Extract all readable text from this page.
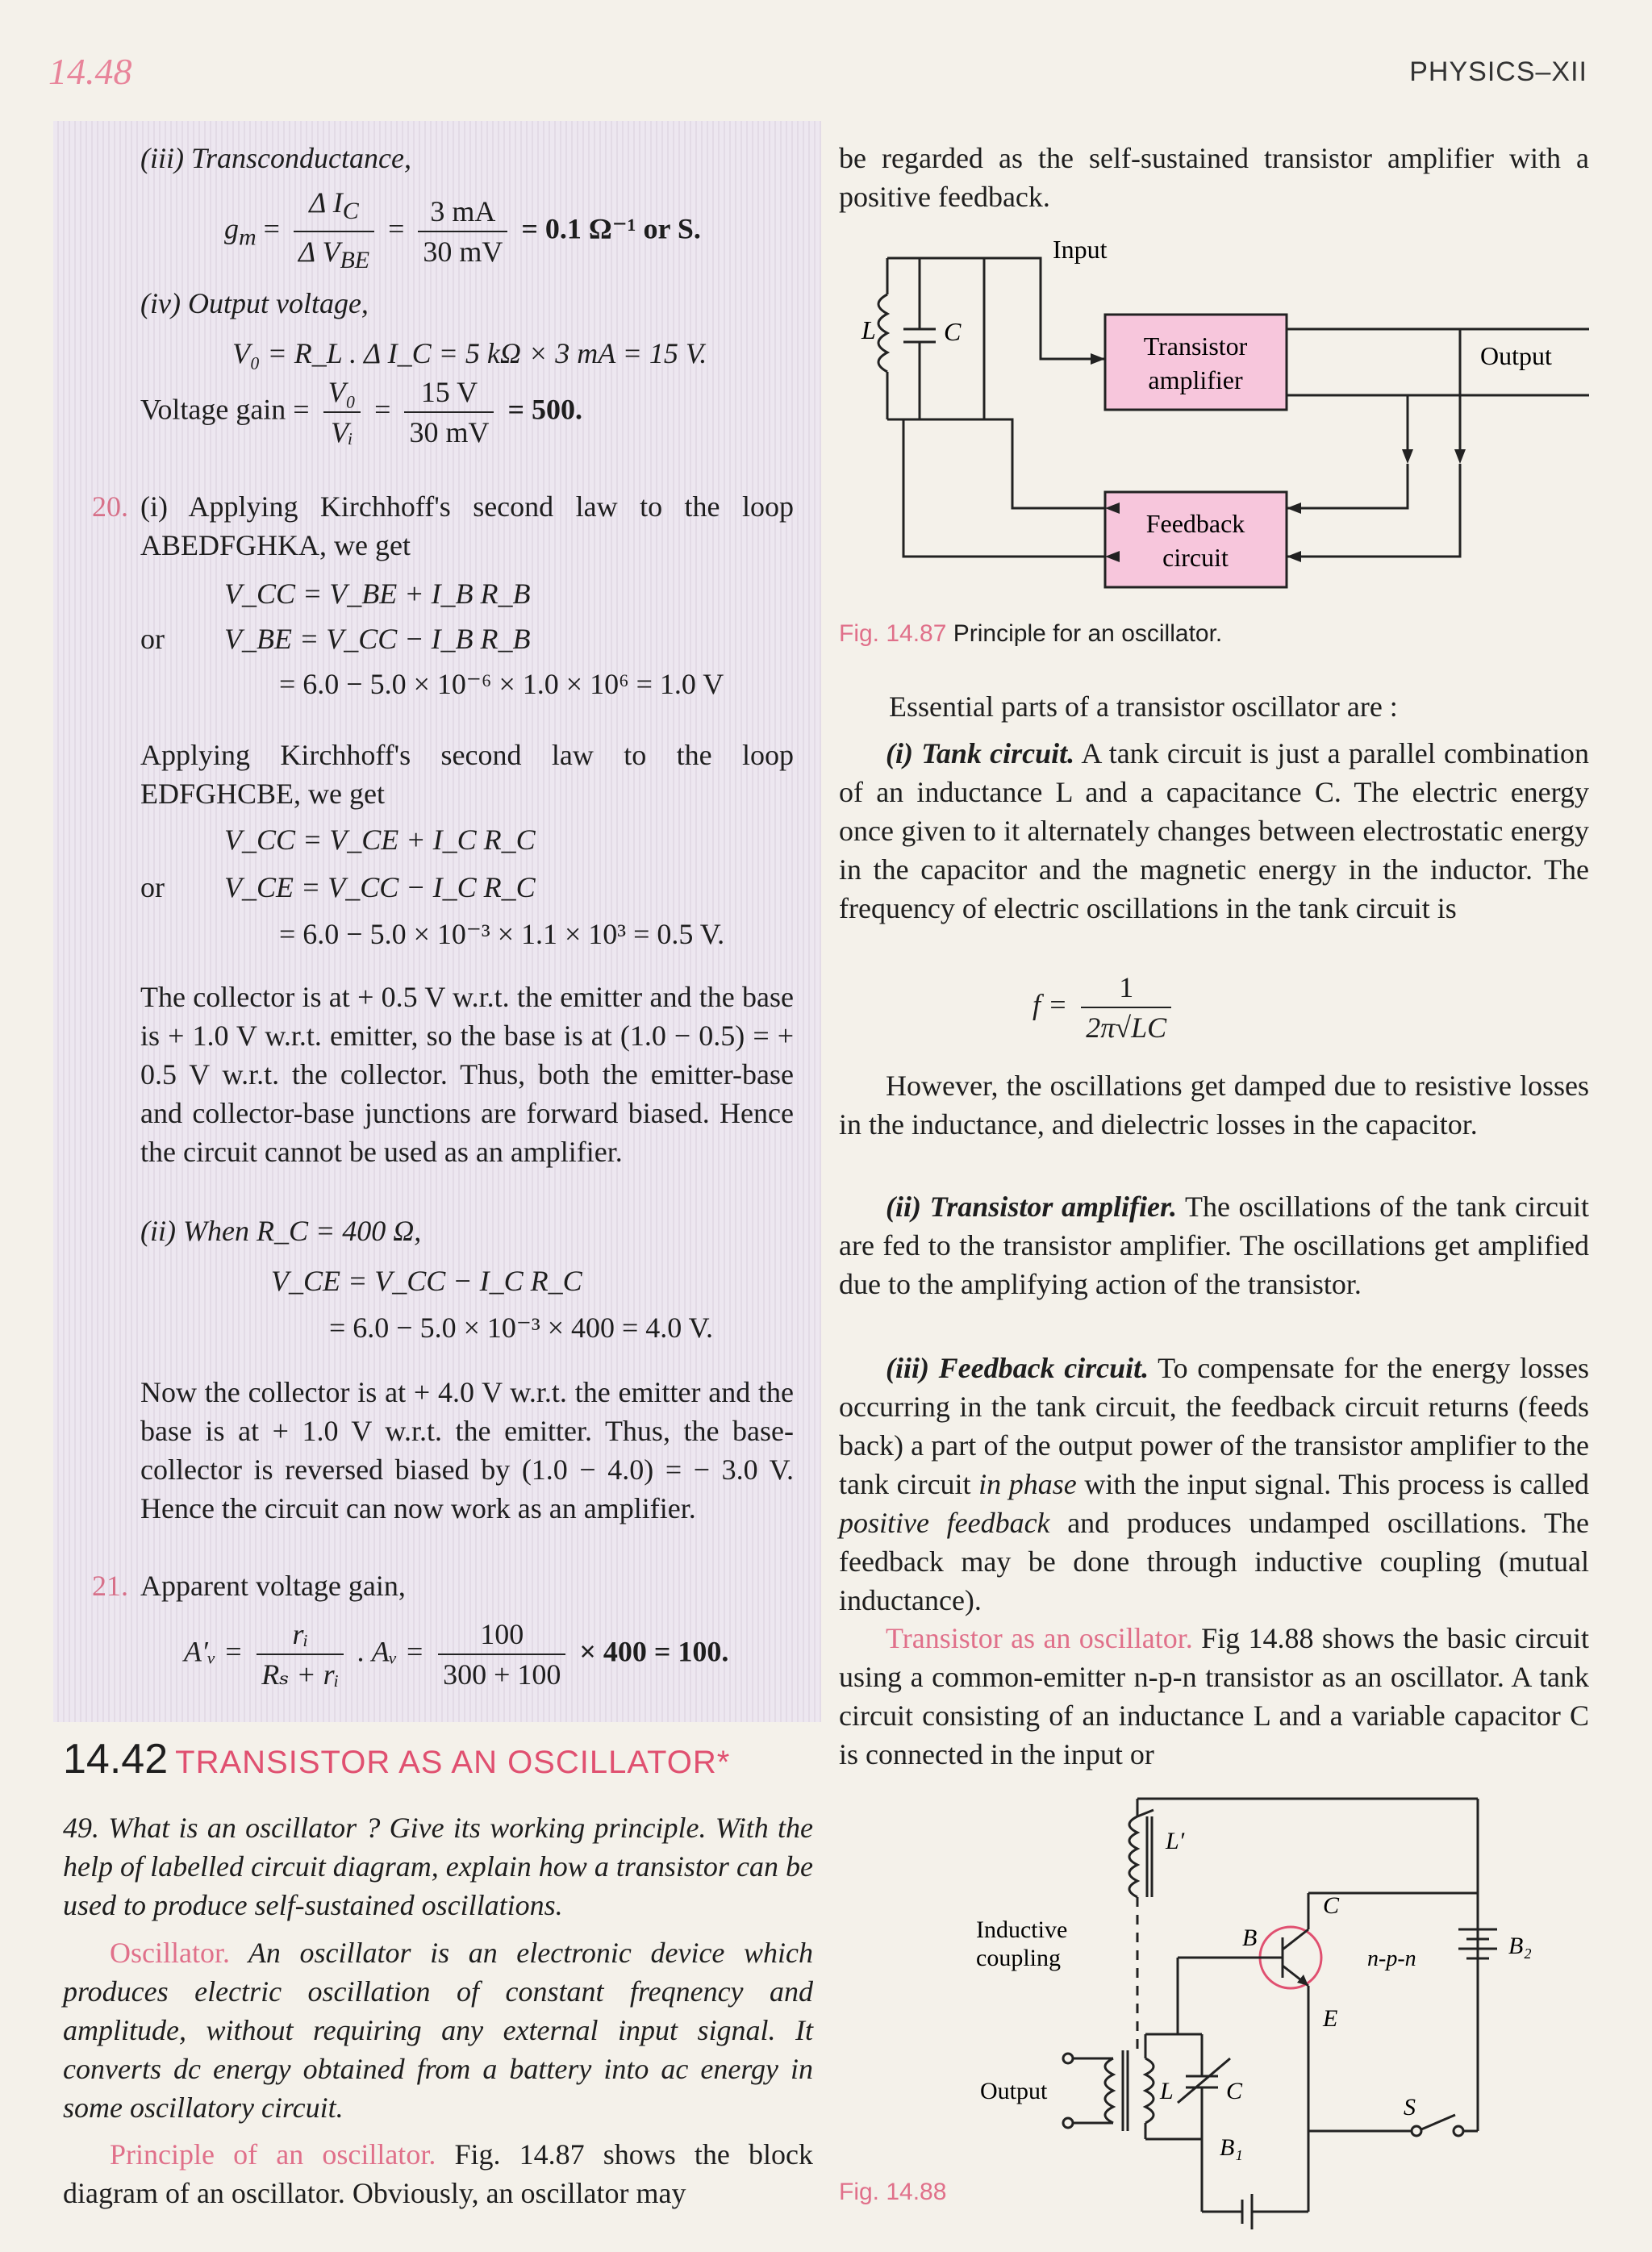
14.48	PHYSICS–XII
(iii) Transconductance,
$g_m = \frac{\Delta I_C}{\Delta V_{BE}} = \frac{3 mA}{30 mV} = 0.1$ Ω⁻¹ or S.
(iv) Output voltage,
V₀ = R_L . Δ I_C = 5 kΩ × 3 mA = 15 V.
Voltage gain = $\frac{\text{V₀}}{\text{Vᵢ}} = \frac{15 V}{30 mV} = 500$.
20. (i) Applying Kirchhoff's second law to the loop ABEDFGHKA, we get
V_CC = V_BE + I_B R_B
or V_BE = V_CC − I_B R_B
= 6.0 − 5.0 × 10⁻⁶ × 1.0 × 10⁶ = 1.0 V
Applying Kirchhoff's second law to the loop EDFGHCBE, we get
V_CC = V_CE + I_C R_C
or V_CE = V_CC − I_C R_C
= 6.0 − 5.0 × 10⁻³ × 1.1 × 10³ = 0.5 V.
The collector is at + 0.5 V w.r.t. the emitter and the base is + 1.0 V w.r.t. emitter, so the base is at (1.0 − 0.5) = + 0.5 V w.r.t. the collector. Thus, both the emitter-base and collector-base junctions are forward biased. Hence the circuit cannot be used as an amplifier.
(ii) When R_C = 400 Ω,
V_CE = V_CC − I_C R_C
= 6.0 − 5.0 × 10⁻³ × 400 = 4.0 V.
Now the collector is at + 4.0 V w.r.t. the emitter and the base is at + 1.0 V w.r.t. the emitter. Thus, the base-collector is reversed biased by (1.0 − 4.0) = − 3.0 V. Hence the circuit can now work as an amplifier.
21. Apparent voltage gain,
A′ᵥ = $\frac{\text{rᵢ}}{\text{Rₛ + rᵢ}}$ . Aᵥ = $\frac{100}{300 + 100} \times 400 = 100$.
14.42 TRANSISTOR AS AN OSCILLATOR*
49. What is an oscillator ? Give its working principle. With the help of labelled circuit diagram, explain how a transistor can be used to produce self-sustained oscillations.
Oscillator. An oscillator is an electronic device which produces electric oscillation of constant freqnency and amplitude, without requiring any external input signal. It converts dc energy obtained from a battery into ac energy in some oscillatory circuit.
Principle of an oscillator. Fig. 14.87 shows the block diagram of an oscillator. Obviously, an oscillator may
be regarded as the self-sustained transistor amplifier with a positive feedback.
Input
L	C	Transistor
amplifier
Output
Feedback
circuit
Fig. 14.87 Principle for an oscillator.
Essential parts of a transistor oscillator are :
(i) Tank circuit. A tank circuit is just a parallel combination of an inductance L and a capacitance C. The electric energy once given to it alternately changes between electrostatic energy in the capacitor and the magnetic energy in the inductor. The frequency of electric oscillations in the tank circuit is
$f = \frac{1}{2\pi√LC}$
However, the oscillations get damped due to resistive losses in the inductance, and dielectric losses in the capacitor.
(ii) Transistor amplifier. The oscillations of the tank circuit are fed to the transistor amplifier. The oscillations get amplified due to the amplifying action of the transistor.
(iii) Feedback circuit. To compensate for the energy losses occurring in the tank circuit, the feedback circuit returns (feeds back) a part of the output power of the transistor amplifier to the tank circuit in phase with the input signal. This process is called positive feedback and produces undamped oscillations. The feedback may be done through inductive coupling (mutual inductance).
Transistor as an oscillator. Fig 14.88 shows the basic circuit using a common-emitter n-p-n transistor as an oscillator. A tank circuit consisting of an inductance L and a variable capacitor C is connected in the input or
L′
Inductive
coupling
C
B
n-p-n	B₂
E
Output	L C
B₁
S
Fig. 14.88
